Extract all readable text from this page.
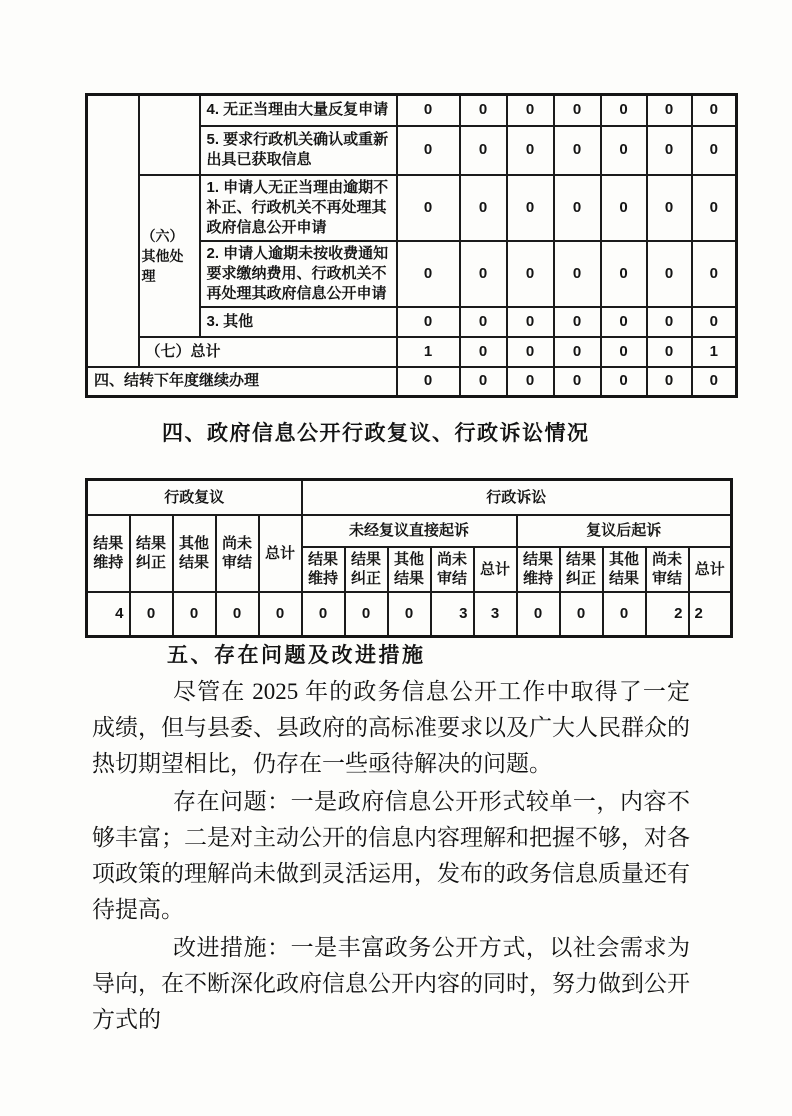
		4. 无正当理由大量反复申请	0	0	0	0	0	0	0
		5. 要求行政机关确认或重新出具已获取信息	0	0	0	0	0	0	0
	（六）其他处理	1. 申请人无正当理由逾期不补正、行政机关不再处理其政府信息公开申请	0	0	0	0	0	0	0
		2. 申请人逾期未按收费通知要求缴纳费用、行政机关不再处理其政府信息公开申请	0	0	0	0	0	0	0
		3. 其他	0	0	0	0	0	0	0
	（七）总计		1	0	0	0	0	0	1
四、结转下年度继续办理			0	0	0	0	0	0	0
四、政府信息公开行政复议、行政诉讼情况
行政复议					行政诉讼									
结果维持	结果纠正	其他结果	尚未审结	总计	未经复议直接起诉					复议后起诉				
					结果维持	结果纠正	其他结果	尚未审结	总计	结果维持	结果纠正	其他结果	尚未审结	总计
4	0	0	0	0	0	0	0	3	3	0	0	0	2	2
五、存在问题及改进措施

尽管在 2025 年的政务信息公开工作中取得了一定成绩，但与县委、县政府的高标准要求以及广大人民群众的热切期望相比，仍存在一些亟待解决的问题。

存在问题：一是政府信息公开形式较单一，内容不够丰富；二是对主动公开的信息内容理解和把握不够，对各项政策的理解尚未做到灵活运用，发布的政务信息质量还有待提高。

改进措施：一是丰富政务公开方式，以社会需求为导向，在不断深化政府信息公开内容的同时，努力做到公开方式的
